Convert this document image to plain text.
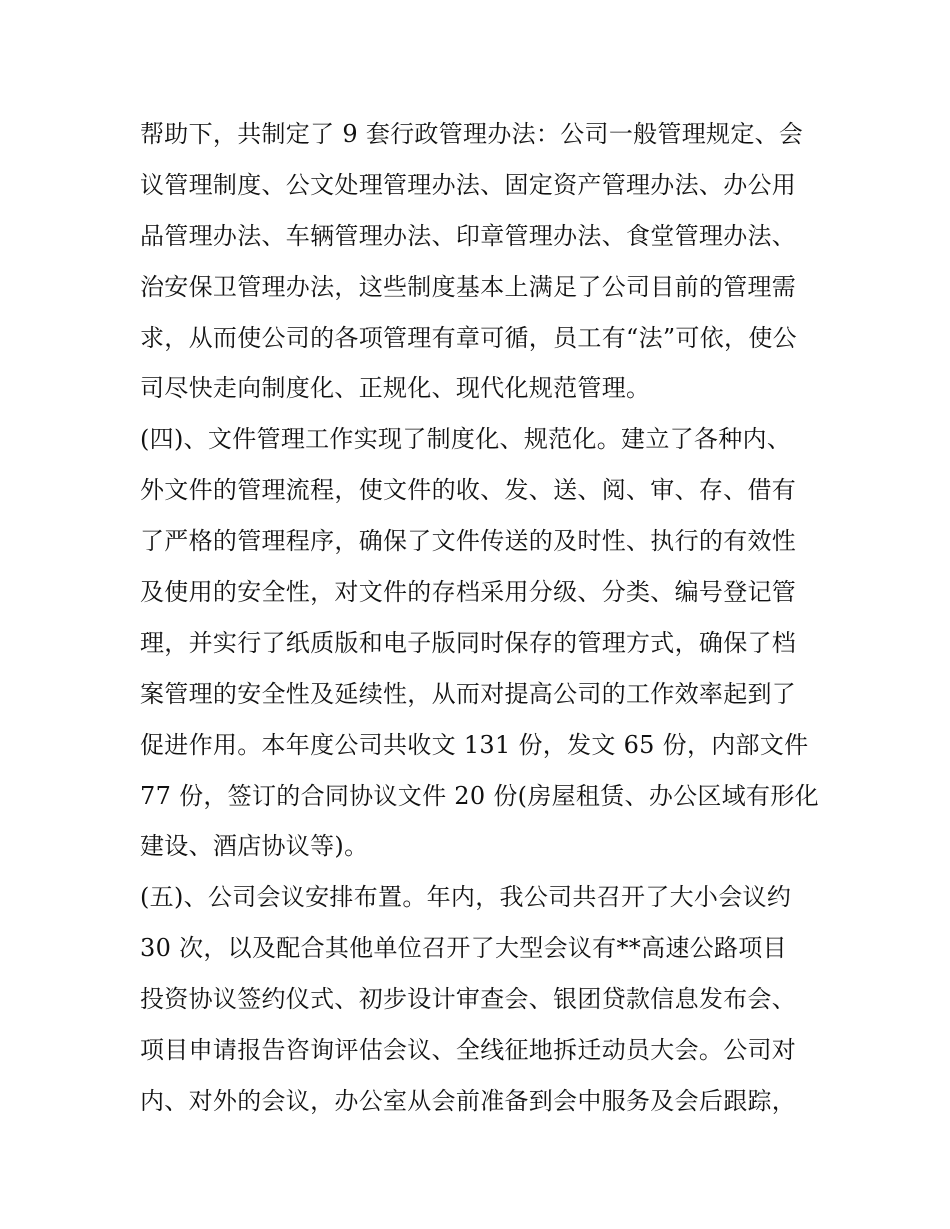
帮助下，共制定了 9 套行政管理办法：公司一般管理规定、会
议管理制度、公文处理管理办法、固定资产管理办法、办公用
品管理办法、车辆管理办法、印章管理办法、食堂管理办法、
治安保卫管理办法，这些制度基本上满足了公司目前的管理需
求，从而使公司的各项管理有章可循，员工有“法”可依，使公
司尽快走向制度化、正规化、现代化规范管理。
(四)、文件管理工作实现了制度化、规范化。建立了各种内、
外文件的管理流程，使文件的收、发、送、阅、审、存、借有
了严格的管理程序，确保了文件传送的及时性、执行的有效性
及使用的安全性，对文件的存档采用分级、分类、编号登记管
理，并实行了纸质版和电子版同时保存的管理方式，确保了档
案管理的安全性及延续性，从而对提高公司的工作效率起到了
促进作用。本年度公司共收文 131 份，发文 65 份，内部文件
77 份，签订的合同协议文件 20 份(房屋租赁、办公区域有形化
建设、酒店协议等)。
(五)、公司会议安排布置。年内，我公司共召开了大小会议约
30 次，以及配合其他单位召开了大型会议有**高速公路项目
投资协议签约仪式、初步设计审查会、银团贷款信息发布会、
项目申请报告咨询评估会议、全线征地拆迁动员大会。公司对
内、对外的会议，办公室从会前准备到会中服务及会后跟踪，
